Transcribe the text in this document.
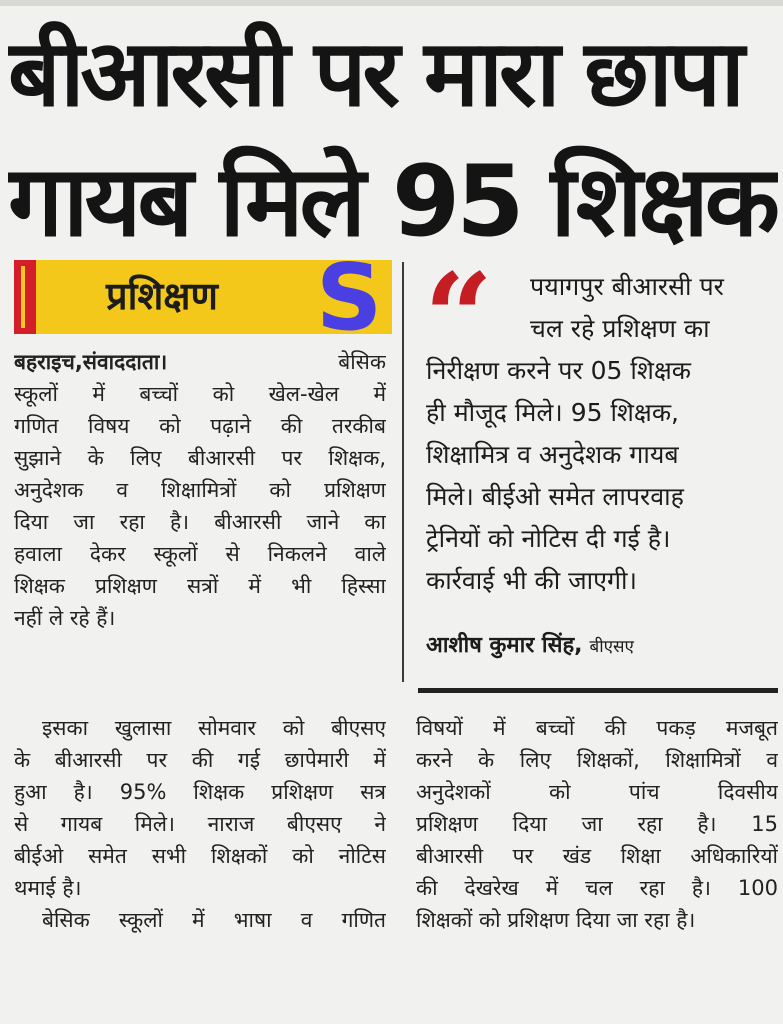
बीआरसी पर मारा छापा
गायब मिले 95 शिक्षक
प्रशिक्षण S
बहराइच,संवाददाता।	बेसिक
स्कूलों में बच्चों को खेल-खेल में
गणित विषय को पढ़ाने की तरकीब
सुझाने के लिए बीआरसी पर शिक्षक,
अनुदेशक व शिक्षामित्रों को प्रशिक्षण
दिया जा रहा है। बीआरसी जाने का
हवाला देकर स्कूलों से निकलने वाले
शिक्षक प्रशिक्षण सत्रों में भी हिस्सा
नहीं ले रहे हैं।
इसका खुलासा सोमवार को बीएसए
के बीआरसी पर की गई छापेमारी में
हुआ है। 95% शिक्षक प्रशिक्षण सत्र
से गायब मिले। नाराज बीएसए ने
बीईओ समेत सभी शिक्षकों को नोटिस
थमाई है।
बेसिक स्कूलों में भाषा व गणित
“	पयागपुर बीआरसी पर
चल रहे प्रशिक्षण का
निरीक्षण करने पर 05 शिक्षक
ही मौजूद मिले। 95 शिक्षक,
शिक्षामित्र व अनुदेशक गायब
मिले। बीईओ समेत लापरवाह
ट्रेनियों को नोटिस दी गई है।
कार्रवाई भी की जाएगी।
आशीष कुमार सिंह, बीएसए
विषयों में बच्चों की पकड़ मजबूत
करने के लिए शिक्षकों, शिक्षामित्रों व
अनुदेशकों को पांच दिवसीय
प्रशिक्षण दिया जा रहा है। 15
बीआरसी पर खंड शिक्षा अधिकारियों
की देखरेख में चल रहा है। 100
शिक्षकों को प्रशिक्षण दिया जा रहा है।
